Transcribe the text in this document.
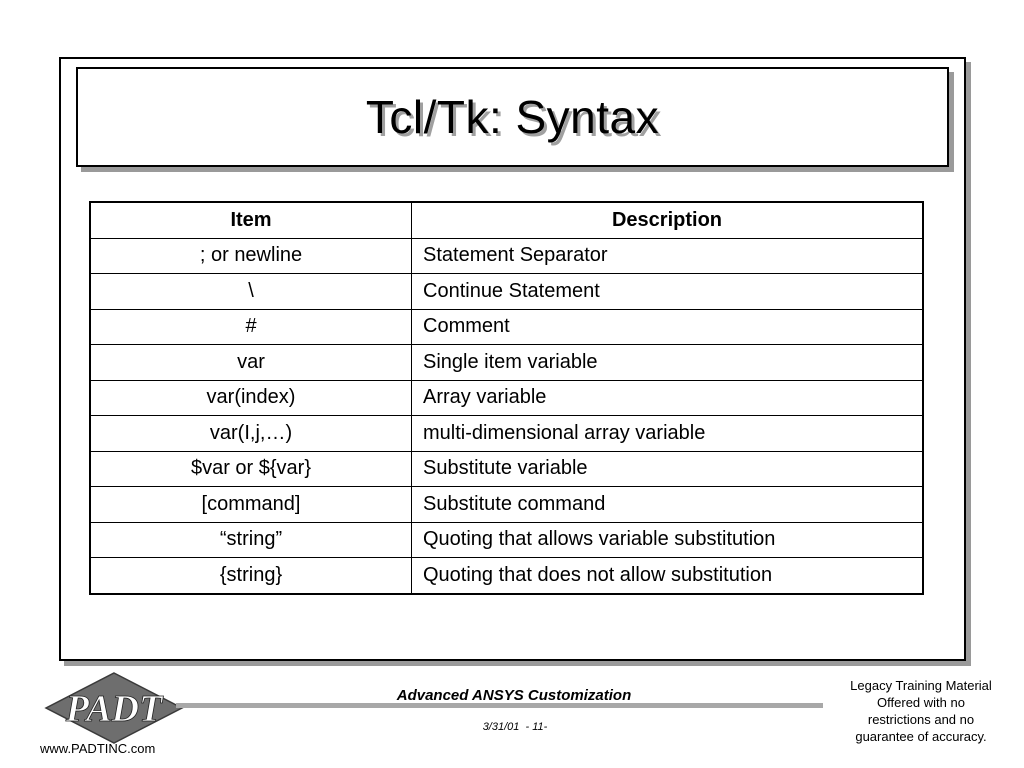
Tcl/Tk: Syntax
Item	Description
; or newline	Statement Separator
\	Continue Statement
#	Comment
var	Single item variable
var(index)	Array variable
var(I,j,…)	multi-dimensional array variable
$var or ${var}	Substitute variable
[command]	Substitute command
“string”	Quoting that allows variable substitution
{string}	Quoting that does not allow substitution
PADT	Advanced ANSYS Customization
3/31/01  - 11-
www.PADTINC.com
Legacy Training Material
Offered with no
restrictions and no
guarantee of accuracy.
